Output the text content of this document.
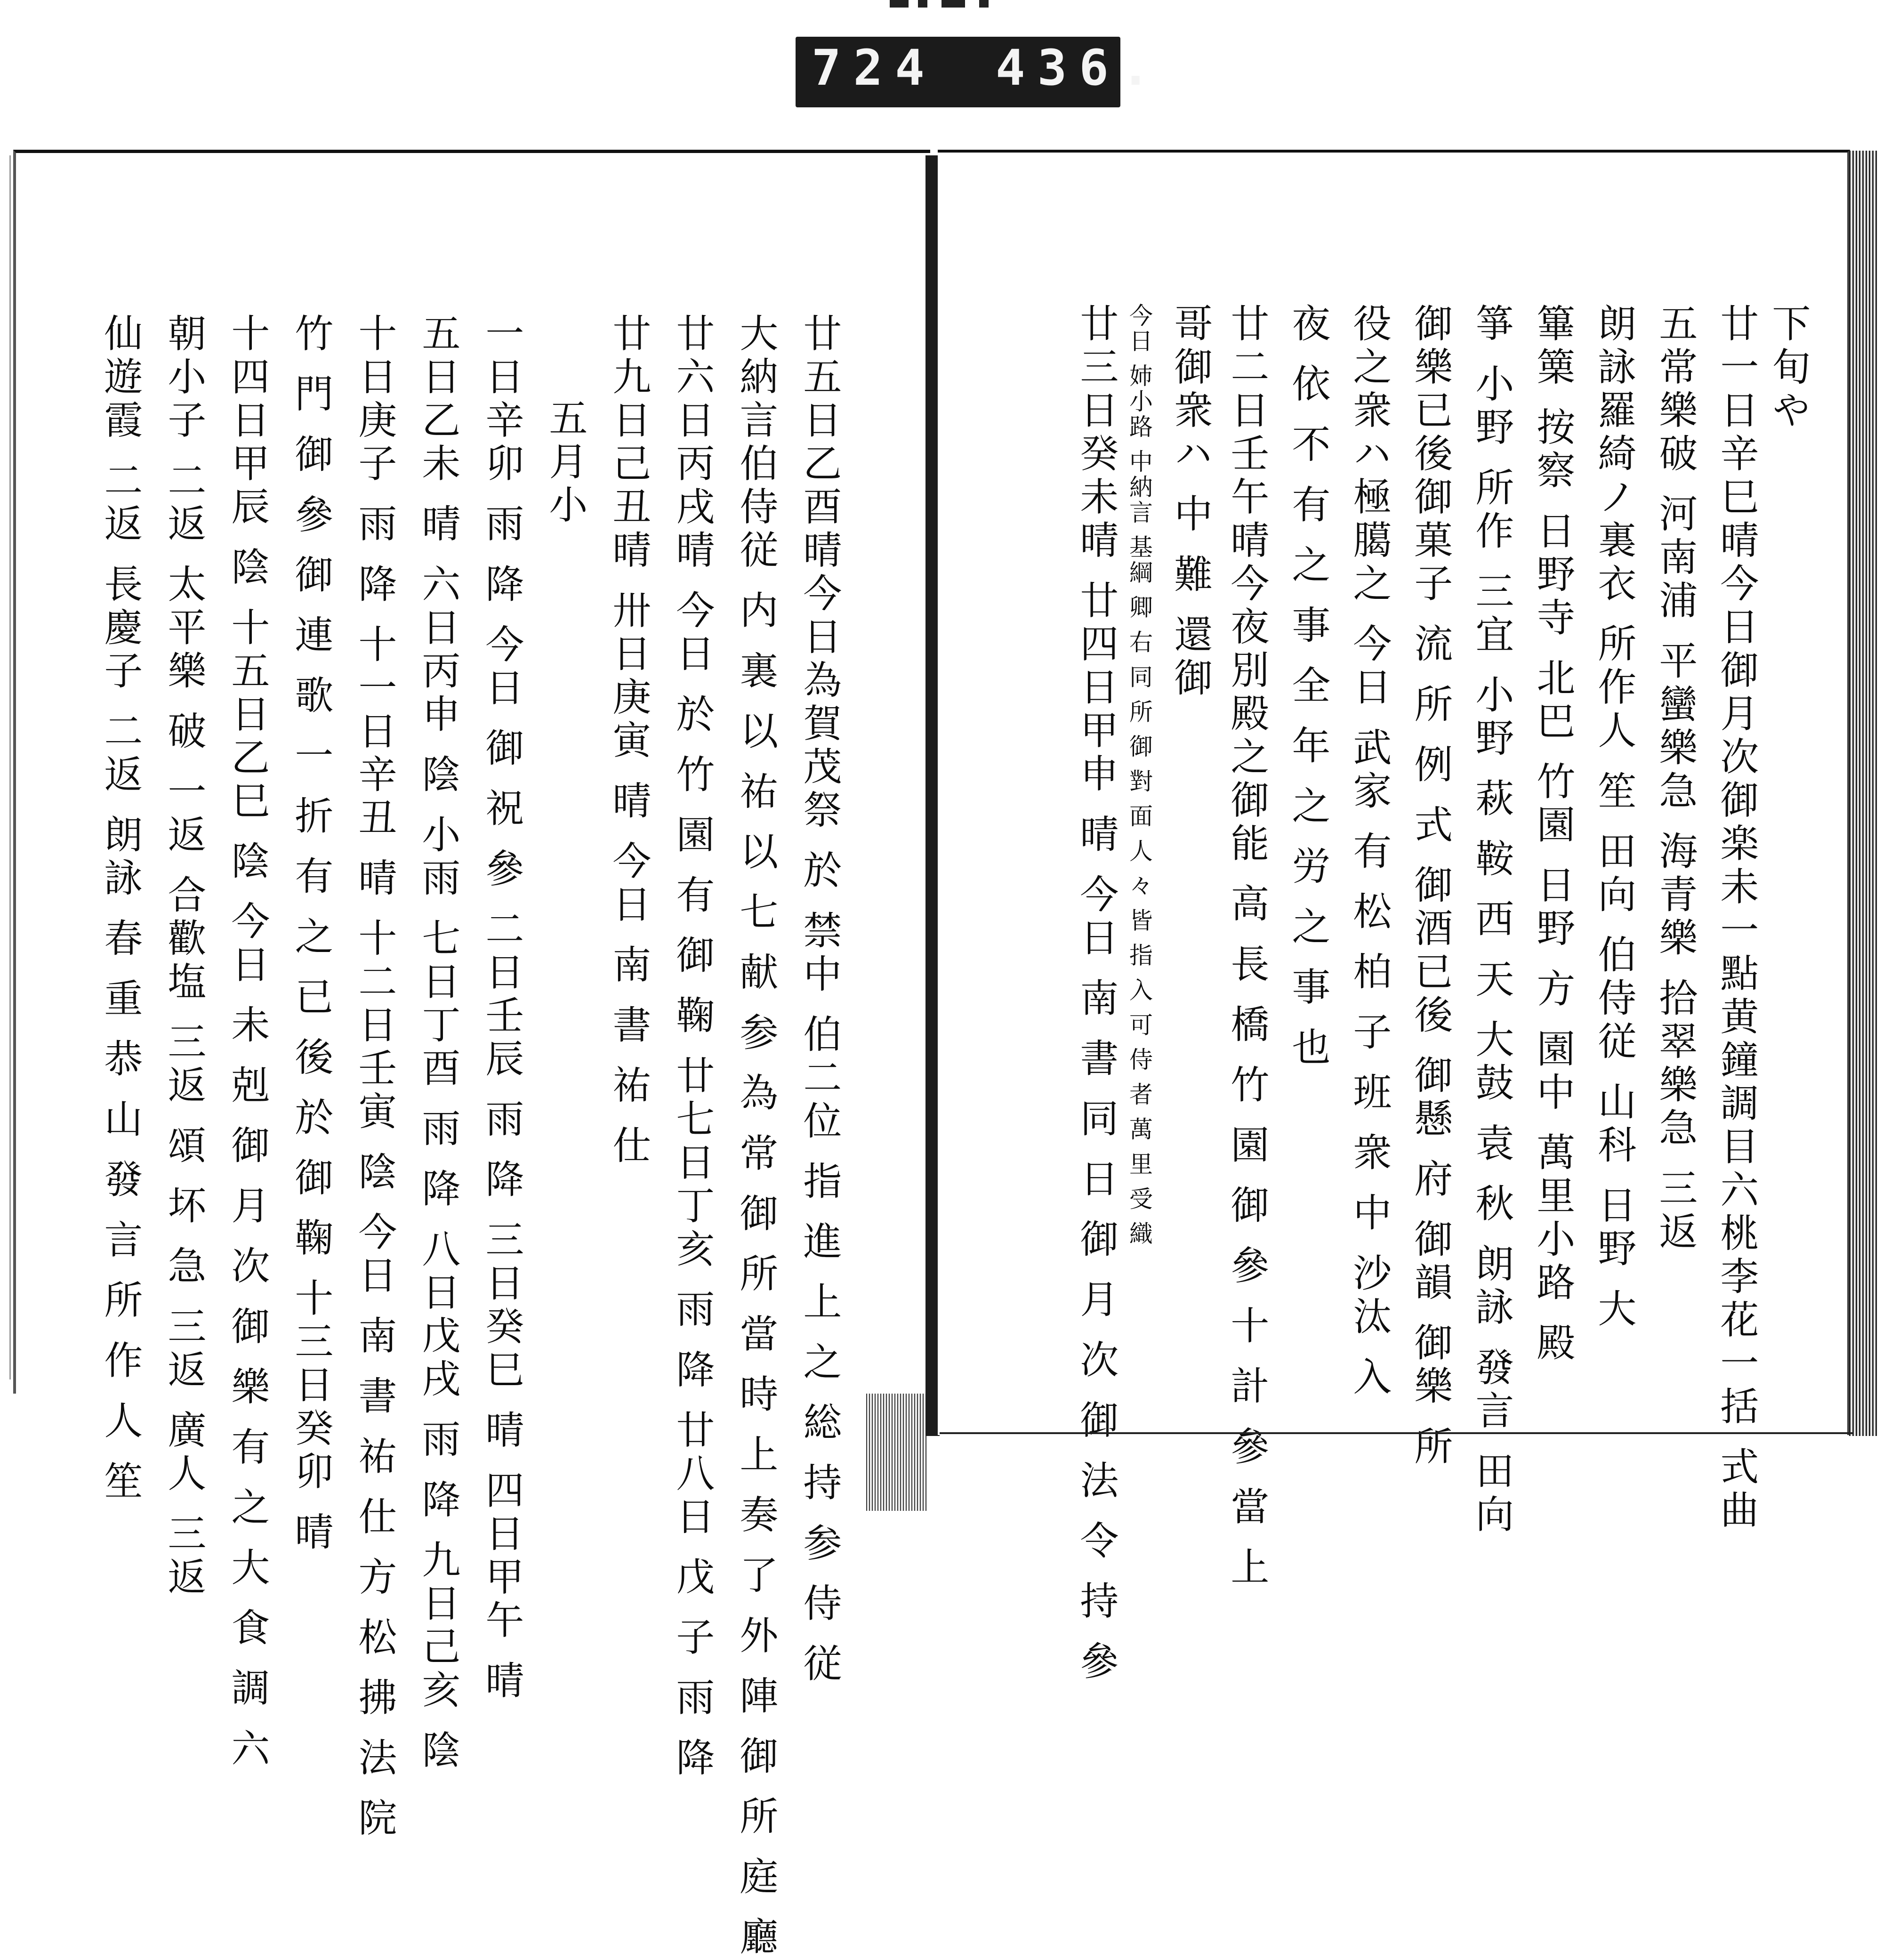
724 436.
廿五日乙酉晴今日為賀茂祭 於 禁中 伯二位 指 進 上 之 総 持 参 侍 従
大納言伯侍従 内 裏 以 祐 以 七 献 参 為 常 御 所 當 時 上 奏 了 外 陣 御 所 庭 廳
廿六日丙戌晴 今日 於 竹 園 有 御 鞠 廿七日丁亥 雨 降 廿八日 戊 子 雨 降
廿九日己丑晴 卅日庚寅 晴 今日 南 書 祐 仕
五月小
一日辛卯 雨 降 今日 御 祝 參 二日壬辰 雨 降 三日癸巳 晴 四日甲午 晴
五日乙未 晴 六日丙申 陰 小雨 七日丁酉 雨 降 八日戊戌 雨 降 九日己亥 陰
十日庚子 雨 降 十一日辛丑 晴 十二日壬寅 陰 今日 南 書 祐 仕 方 松 拂 法 院
竹 門 御 參 御 連 歌 一 折 有 之 已 後 於 御 鞠 十三日癸卯 晴
十四日甲辰 陰 十五日乙巳 陰 今日 未 剋 御 月 次 御 樂 有 之 大 食 調 六
朝小子 二返 太平樂 破 一返 合歡塩 三返 頌 坏 急 三返 廣人 三返
仙遊霞 二返 長慶子 二返 朗詠 春 重 恭 山 發 言 所 作 人 笙	下旬や
廿一日辛巳晴今日御月次御楽未一點黄鐘調目六桃李花一括 式曲
五常樂破 河南浦 平蠻樂急 海青樂 拾翠樂急 三返
朗詠羅綺ノ裏衣 所作人 笙 田向 伯侍従 山科 日野 大
篳篥 按察 日野寺 北巴 竹園 日野 方 園中 萬里小路 殿
箏 小野 所作 三宜 小野 萩 鞍 西 天 大鼓 袁 秋 朗詠 發言 田向
御樂已後御菓子 流 所 例 式 御酒已後 御懸 府 御韻 御樂 所
役之衆ハ極臈之 今日 武家 有 松 柏 子 班 衆 中 沙汰 入
夜 依 不 有 之 事 全 年 之 労 之 事 也
廿二日壬午晴今夜別殿之御能 高 長 橋 竹 園 御 參 十 計 參 當 上
哥御衆ハ 中 難 還御
今日 姉小路 中納言 基綱 卿 右 同 所 御 對 面 人 々 皆 指 入 可 侍 者 萬 里 受 織
廿三日癸未晴 廿四日甲申 晴 今日 南 書 同 日 御 月 次 御 法 令 持 參
